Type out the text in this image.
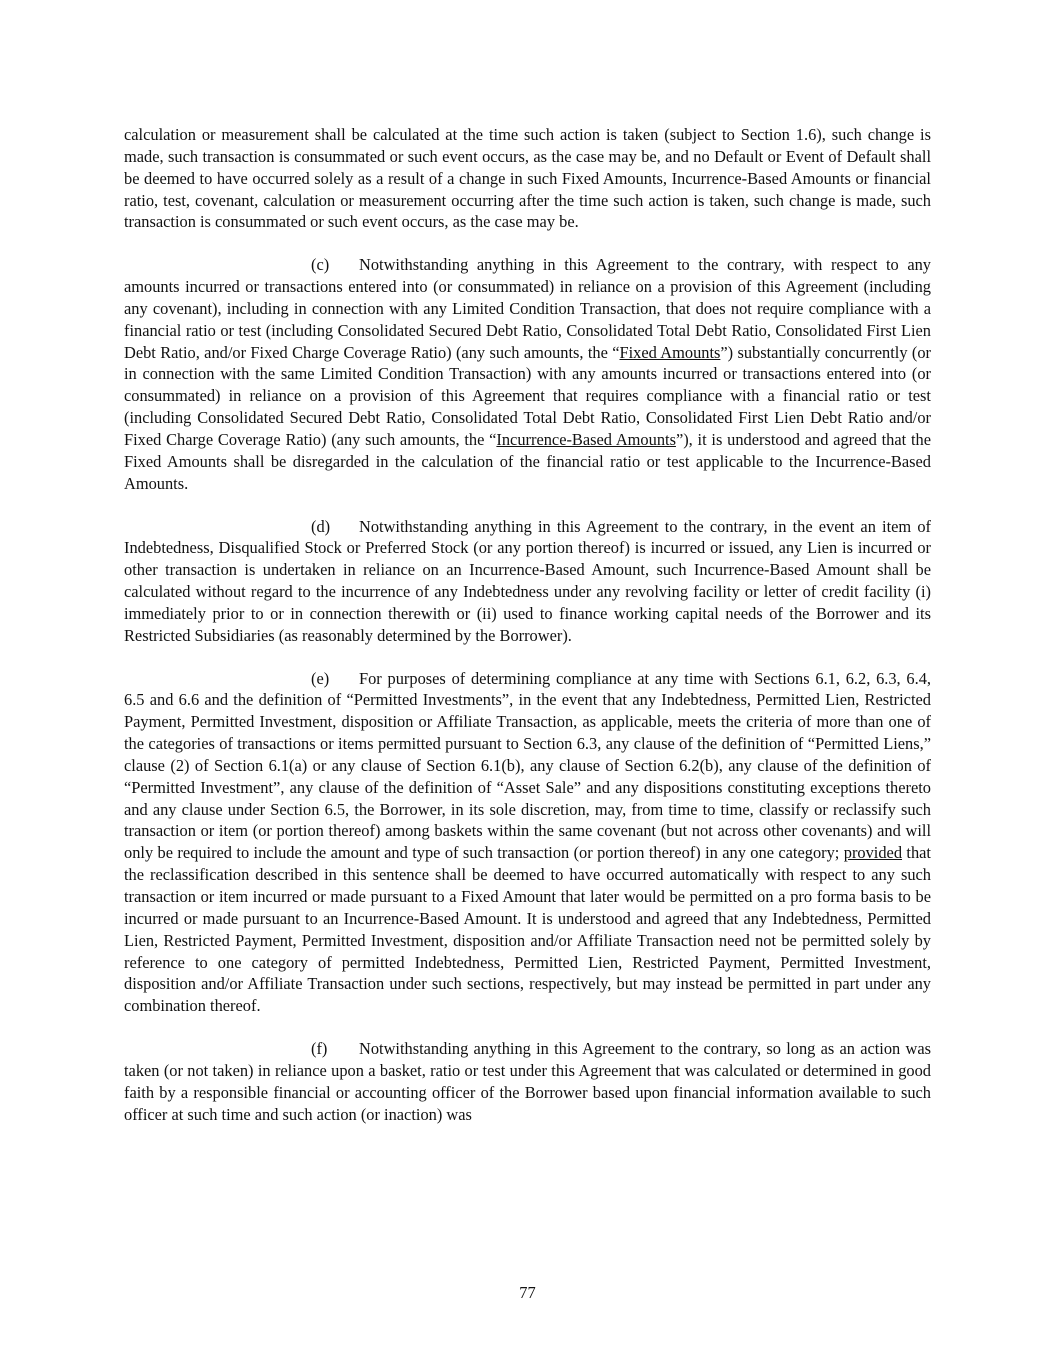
calculation or measurement shall be calculated at the time such action is taken (subject to Section 1.6), such change is made, such transaction is consummated or such event occurs, as the case may be, and no Default or Event of Default shall be deemed to have occurred solely as a result of a change in such Fixed Amounts, Incurrence-Based Amounts or financial ratio, test, covenant, calculation or measurement occurring after the time such action is taken, such change is made, such transaction is consummated or such event occurs, as the case may be.

(c) Notwithstanding anything in this Agreement to the contrary, with respect to any amounts incurred or transactions entered into (or consummated) in reliance on a provision of this Agreement (including any covenant), including in connection with any Limited Condition Transaction, that does not require compliance with a financial ratio or test (including Consolidated Secured Debt Ratio, Consolidated Total Debt Ratio, Consolidated First Lien Debt Ratio, and/or Fixed Charge Coverage Ratio) (any such amounts, the “Fixed Amounts”) substantially concurrently (or in connection with the same Limited Condition Transaction) with any amounts incurred or transactions entered into (or consummated) in reliance on a provision of this Agreement that requires compliance with a financial ratio or test (including Consolidated Secured Debt Ratio, Consolidated Total Debt Ratio, Consolidated First Lien Debt Ratio and/or Fixed Charge Coverage Ratio) (any such amounts, the “Incurrence-Based Amounts”), it is understood and agreed that the Fixed Amounts shall be disregarded in the calculation of the financial ratio or test applicable to the Incurrence-Based Amounts.

(d) Notwithstanding anything in this Agreement to the contrary, in the event an item of Indebtedness, Disqualified Stock or Preferred Stock (or any portion thereof) is incurred or issued, any Lien is incurred or other transaction is undertaken in reliance on an Incurrence-Based Amount, such Incurrence-Based Amount shall be calculated without regard to the incurrence of any Indebtedness under any revolving facility or letter of credit facility (i) immediately prior to or in connection therewith or (ii) used to finance working capital needs of the Borrower and its Restricted Subsidiaries (as reasonably determined by the Borrower).

(e) For purposes of determining compliance at any time with Sections 6.1, 6.2, 6.3, 6.4, 6.5 and 6.6 and the definition of “Permitted Investments”, in the event that any Indebtedness, Permitted Lien, Restricted Payment, Permitted Investment, disposition or Affiliate Transaction, as applicable, meets the criteria of more than one of the categories of transactions or items permitted pursuant to Section 6.3, any clause of the definition of “Permitted Liens,” clause (2) of Section 6.1(a) or any clause of Section 6.1(b), any clause of Section 6.2(b), any clause of the definition of “Permitted Investment”, any clause of the definition of “Asset Sale” and any dispositions constituting exceptions thereto and any clause under Section 6.5, the Borrower, in its sole discretion, may, from time to time, classify or reclassify such transaction or item (or portion thereof) among baskets within the same covenant (but not across other covenants) and will only be required to include the amount and type of such transaction (or portion thereof) in any one category; provided that the reclassification described in this sentence shall be deemed to have occurred automatically with respect to any such transaction or item incurred or made pursuant to a Fixed Amount that later would be permitted on a pro forma basis to be incurred or made pursuant to an Incurrence-Based Amount. It is understood and agreed that any Indebtedness, Permitted Lien, Restricted Payment, Permitted Investment, disposition and/or Affiliate Transaction need not be permitted solely by reference to one category of permitted Indebtedness, Permitted Lien, Restricted Payment, Permitted Investment, disposition and/or Affiliate Transaction under such sections, respectively, but may instead be permitted in part under any combination thereof.

(f) Notwithstanding anything in this Agreement to the contrary, so long as an action was taken (or not taken) in reliance upon a basket, ratio or test under this Agreement that was calculated or determined in good faith by a responsible financial or accounting officer of the Borrower based upon financial information available to such officer at such time and such action (or inaction) was

77
